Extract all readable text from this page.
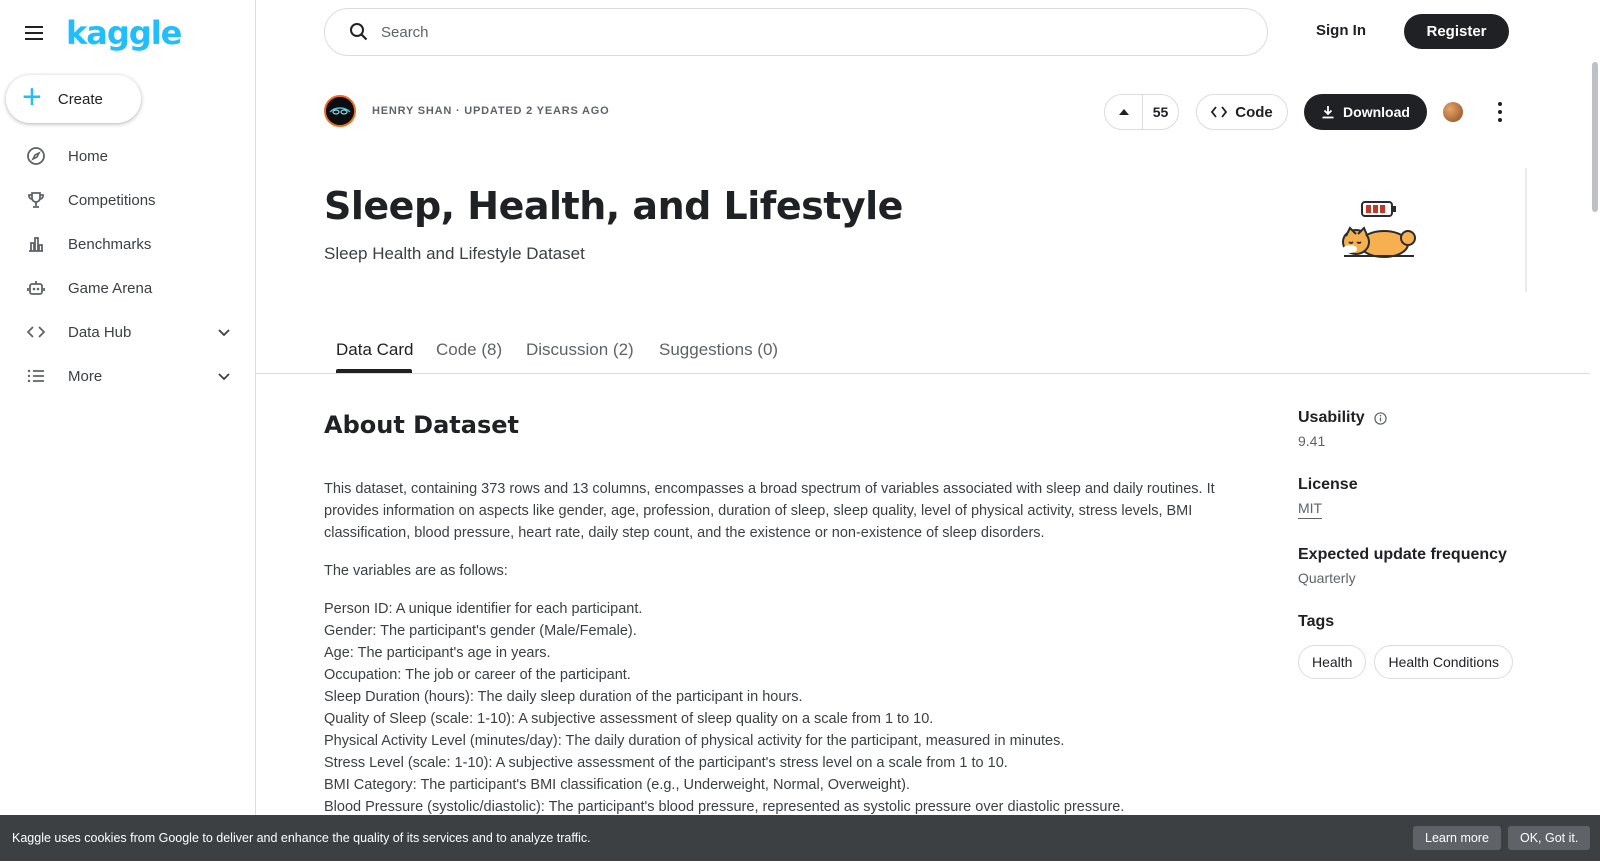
kaggle
+ Create
Home
Competitions
Benchmarks
Game Arena
Data Hub
More
Search
Sign In	Register
HENRY SHAN · UPDATED 2 YEARS AGO	55	Code	Download
Sleep, Health, and Lifestyle
Sleep Health and Lifestyle Dataset
Data Card Code (8) Discussion (2) Suggestions (0)
About Dataset

This dataset, containing 373 rows and 13 columns, encompasses a broad spectrum of variables associated with sleep and daily routines. It provides information on aspects like gender, age, profession, duration of sleep, sleep quality, level of physical activity, stress levels, BMI classification, blood pressure, heart rate, daily step count, and the existence or non-existence of sleep disorders.

The variables are as follows:

Person ID: A unique identifier for each participant.
Gender: The participant's gender (Male/Female).
Age: The participant's age in years.
Occupation: The job or career of the participant.
Sleep Duration (hours): The daily sleep duration of the participant in hours.
Quality of Sleep (scale: 1-10): A subjective assessment of sleep quality on a scale from 1 to 10.
Physical Activity Level (minutes/day): The daily duration of physical activity for the participant, measured in minutes.
Stress Level (scale: 1-10): A subjective assessment of the participant's stress level on a scale from 1 to 10.
BMI Category: The participant's BMI classification (e.g., Underweight, Normal, Overweight).
Blood Pressure (systolic/diastolic): The participant's blood pressure, represented as systolic pressure over diastolic pressure.
Usability
9.41
License
MIT
Expected update frequency
Quarterly
Tags
Health	Health Conditions
Kaggle uses cookies from Google to deliver and enhance the quality of its services and to analyze traffic.	Learn more	OK, Got it.
